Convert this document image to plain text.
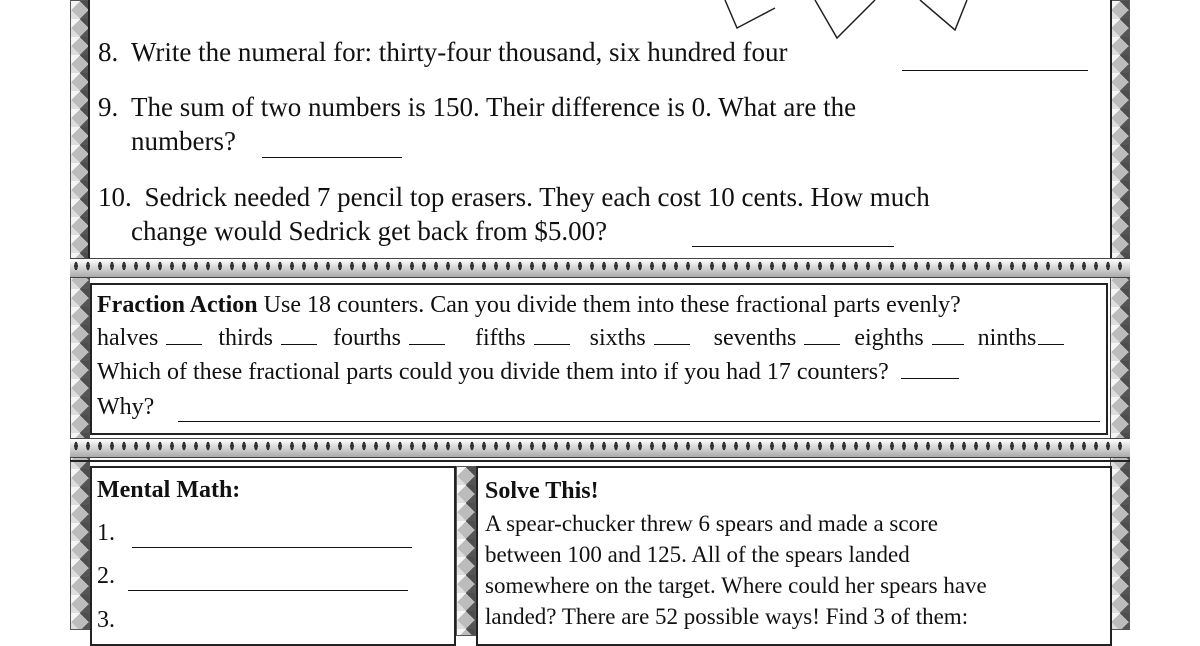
8. Write the numeral for: thirty-four thousand, six hundred four
9. The sum of two numbers is 150. Their difference is 0. What are the
numbers?
10. Sedrick needed 7 pencil top erasers. They each cost 10 cents. How much
change would Sedrick get back from $5.00?
Fraction Action Use 18 counters. Can you divide them into these fractional parts evenly?
halves	thirds	fourths	fifths	sixths	sevenths eighths ninths
Which of these fractional parts could you divide them into if you had 17 counters?
Why?
Mental Math:
1.
2.
3.
Solve This!
A spear-chucker threw 6 spears and made a score
between 100 and 125. All of the spears landed
somewhere on the target. Where could her spears have
landed? There are 52 possible ways! Find 3 of them:
